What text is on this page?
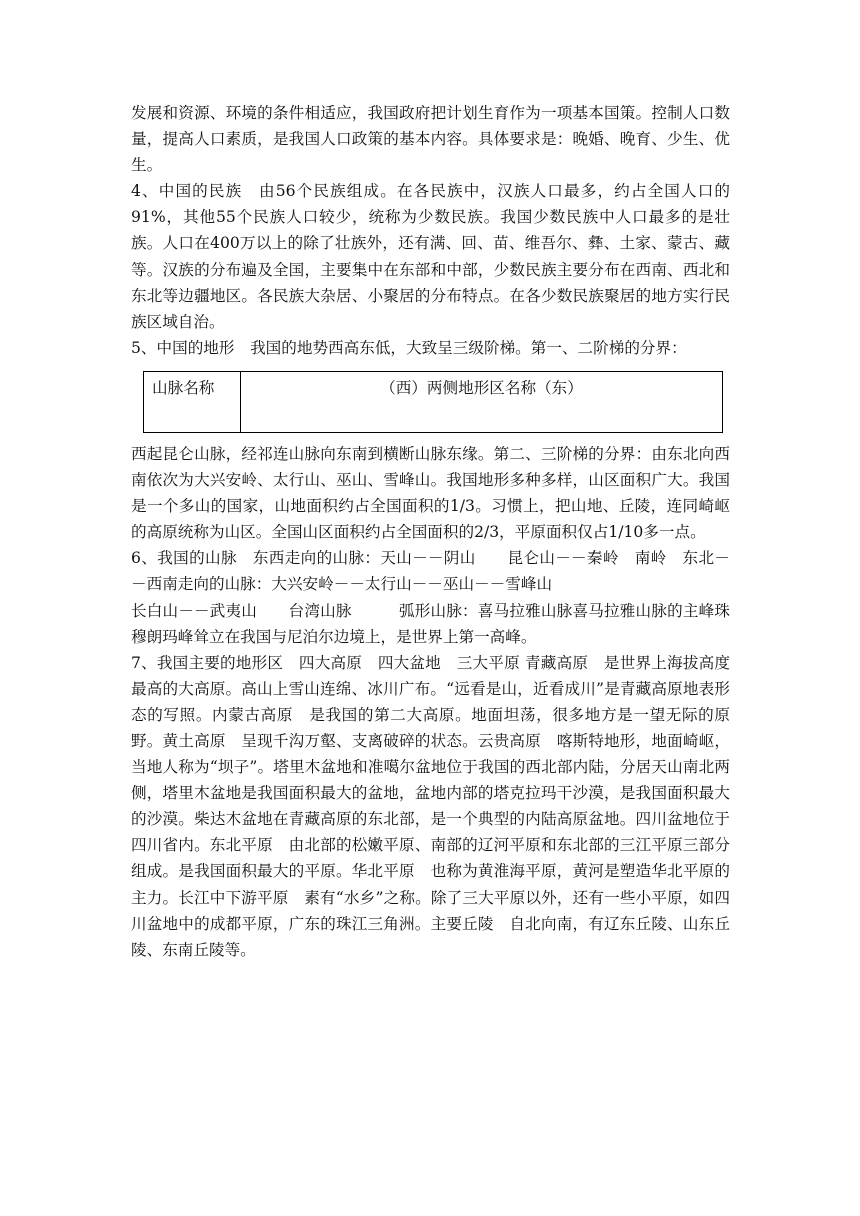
发展和资源、环境的条件相适应，我国政府把计划生育作为一项基本国策。控制人口数量，提高人口素质，是我国人口政策的基本内容。具体要求是：晚婚、晚育、少生、优生。

4、中国的民族　由56个民族组成。在各民族中，汉族人口最多，约占全国人口的91%，其他55个民族人口较少，统称为少数民族。我国少数民族中人口最多的是壮族。人口在400万以上的除了壮族外，还有满、回、苗、维吾尔、彝、土家、蒙古、藏等。汉族的分布遍及全国，主要集中在东部和中部，少数民族主要分布在西南、西北和东北等边疆地区。各民族大杂居、小聚居的分布特点。在各少数民族聚居的地方实行民族区域自治。

5、中国的地形　我国的地势西高东低，大致呈三级阶梯。第一、二阶梯的分界：

山脉名称	（西）两侧地形区名称（东）

西起昆仑山脉，经祁连山脉向东南到横断山脉东缘。第二、三阶梯的分界：由东北向西南依次为大兴安岭、太行山、巫山、雪峰山。我国地形多种多样，山区面积广大。我国是一个多山的国家，山地面积约占全国面积的1/3。习惯上，把山地、丘陵，连同崎岖的高原统称为山区。全国山区面积约占全国面积的2/3，平原面积仅占1/10多一点。

6、我国的山脉　东西走向的山脉：天山－－阴山　　昆仑山－－秦岭　南岭　东北－－西南走向的山脉：大兴安岭－－太行山－－巫山－－雪峰山

长白山－－武夷山　　台湾山脉　　　弧形山脉：喜马拉雅山脉喜马拉雅山脉的主峰珠穆朗玛峰耸立在我国与尼泊尔边境上，是世界上第一高峰。

7、我国主要的地形区　四大高原　四大盆地　三大平原 青藏高原　是世界上海拔高度最高的大高原。高山上雪山连绵、冰川广布。“远看是山，近看成川”是青藏高原地表形态的写照。内蒙古高原　是我国的第二大高原。地面坦荡，很多地方是一望无际的原野。黄土高原　呈现千沟万壑、支离破碎的状态。云贵高原　喀斯特地形，地面崎岖，当地人称为“坝子”。塔里木盆地和准噶尔盆地位于我国的西北部内陆，分居天山南北两侧，塔里木盆地是我国面积最大的盆地，盆地内部的塔克拉玛干沙漠，是我国面积最大的沙漠。柴达木盆地在青藏高原的东北部，是一个典型的内陆高原盆地。四川盆地位于四川省内。东北平原　由北部的松嫩平原、南部的辽河平原和东北部的三江平原三部分组成。是我国面积最大的平原。华北平原　也称为黄淮海平原，黄河是塑造华北平原的主力。长江中下游平原　素有“水乡”之称。除了三大平原以外，还有一些小平原，如四川盆地中的成都平原，广东的珠江三角洲。主要丘陵　自北向南，有辽东丘陵、山东丘陵、东南丘陵等。
